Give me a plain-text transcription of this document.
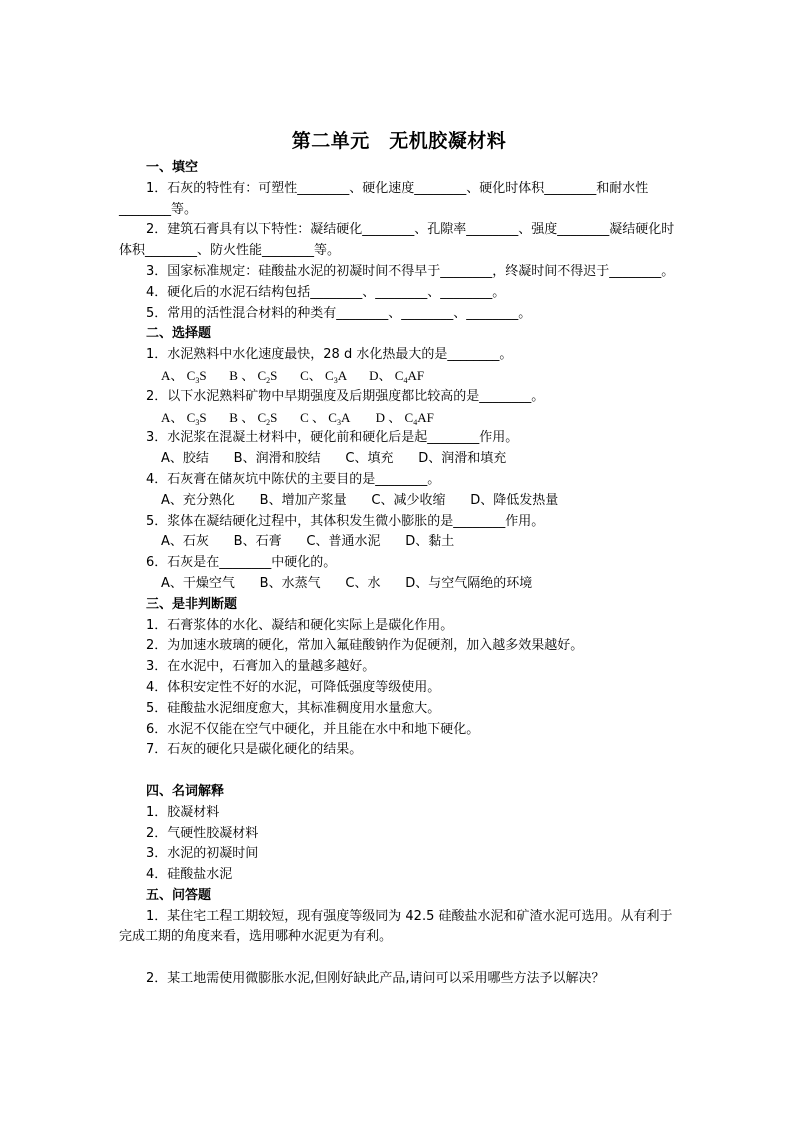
第二单元　无机胶凝材料
一、填空
1．石灰的特性有：可塑性________、硬化速度________、硬化时体积________和耐水性________等。
2．建筑石膏具有以下特性：凝结硬化________、孔隙率________、强度________凝结硬化时体积________、防火性能________等。
3．国家标准规定：硅酸盐水泥的初凝时间不得早于________，终凝时间不得迟于________。
4．硬化后的水泥石结构包括________、________、________。
5．常用的活性混合材料的种类有________、________、________。
二、选择题
1．水泥熟料中水化速度最快，28 d 水化热最大的是________。
A、 $C_3S$       B 、 $C_2S$       C、 $C_3A$       D、 $C_4AF$
2．以下水泥熟料矿物中早期强度及后期强度都比较高的是________。
A、 $C_3S$       B 、 $C_2S$       C 、 $C_3A$        D 、 $C_4AF$
3．水泥浆在混凝土材料中，硬化前和硬化后是起________作用。
A、胶结      B、润滑和胶结      C、填充      D、润滑和填充
4．石灰膏在储灰坑中陈伏的主要目的是________。
A、充分熟化      B、增加产浆量      C、减少收缩      D、降低发热量
5．浆体在凝结硬化过程中，其体积发生微小膨胀的是________作用。
A、石灰      B、石膏      C、普通水泥      D、黏土
6．石灰是在________中硬化的。
A、干燥空气      B、水蒸气      C、水      D、与空气隔绝的环境
三、是非判断题
1．石膏浆体的水化、凝结和硬化实际上是碳化作用。
2．为加速水玻璃的硬化，常加入氟硅酸钠作为促硬剂，加入越多效果越好。
3．在水泥中，石膏加入的量越多越好。
4．体积安定性不好的水泥，可降低强度等级使用。
5．硅酸盐水泥细度愈大，其标准稠度用水量愈大。
6．水泥不仅能在空气中硬化，并且能在水中和地下硬化。
7．石灰的硬化只是碳化硬化的结果。
四、名词解释
1．胶凝材料
2．气硬性胶凝材料
3．水泥的初凝时间
4．硅酸盐水泥
五、问答题
1．某住宅工程工期较短，现有强度等级同为 42.5 硅酸盐水泥和矿渣水泥可选用。从有利于完成工期的角度来看，选用哪种水泥更为有利。
2．某工地需使用微膨胀水泥,但刚好缺此产品,请问可以采用哪些方法予以解决？
